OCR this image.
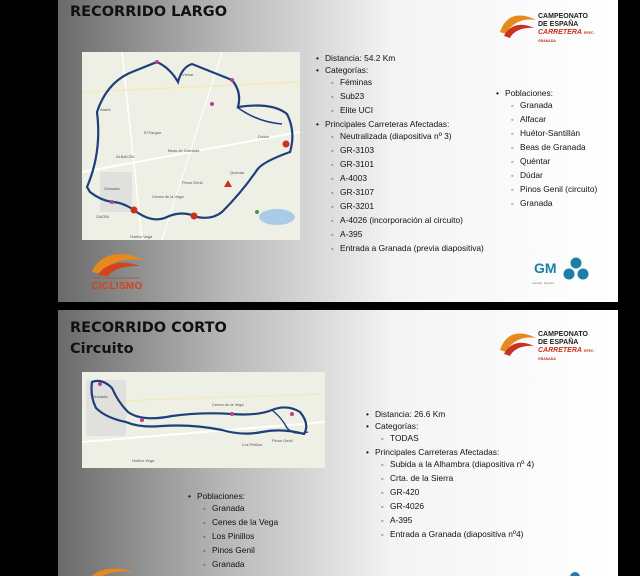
RECORRIDO LARGO	CAMPEONATO
DE ESPAÑA
CARRETERA RFEC · GRANADA
Atarfe
El Fargue
ALBAICÍN
Granada
ZAIDÍN
Huétor Vega
Beas de Granada
Quéntar
Dúdar
Cenes de la Vega
Pinos Genil
Víznar
• Distancia: 54.2 Km
• Categorías:
◦ Féminas
◦ Sub23
◦ Elite UCI
• Principales Carreteras Afectadas:
◦ Neutralizada (diapositiva nº 3)
◦ GR-3103
◦ GR-3101
◦ A-4003
◦ GR-3107
◦ GR-3201
◦ A-4026 (incorporación al circuito)
◦ A-395
◦ Entrada a Granada (previa diapositiva)
• Poblaciones:
◦ Granada
◦ Alfacar
◦ Huétor-Santillán
◦ Beas de Granada
◦ Quéntar
◦ Dúdar
◦ Pinos Genil (circuito)
◦ Granada
REAL FEDERACIÓN ESPAÑOLA
CICLISMO
GM
Granada · Deportes
RECORRIDO CORTO
Circuito
CAMPEONATO
DE ESPAÑA
CARRETERA RFEC · GRANADA
Granada
Cenes de la Vega
Pinos Genil
Huétor Vega
Los Pinillos
• Distancia: 26.6 Km
• Categorías:
◦ TODAS
• Principales Carreteras Afectadas:
◦ Subida a la Alhambra (diapositiva nº 4)
◦ Crta. de la Sierra
◦ GR-420
◦ GR-4026
◦ A-395
◦ Entrada a Granada (diapositiva nº4)
• Poblaciones:
◦ Granada
◦ Cenes de la Vega
◦ Los Pinillos
◦ Pinos Genil
◦ Granada
